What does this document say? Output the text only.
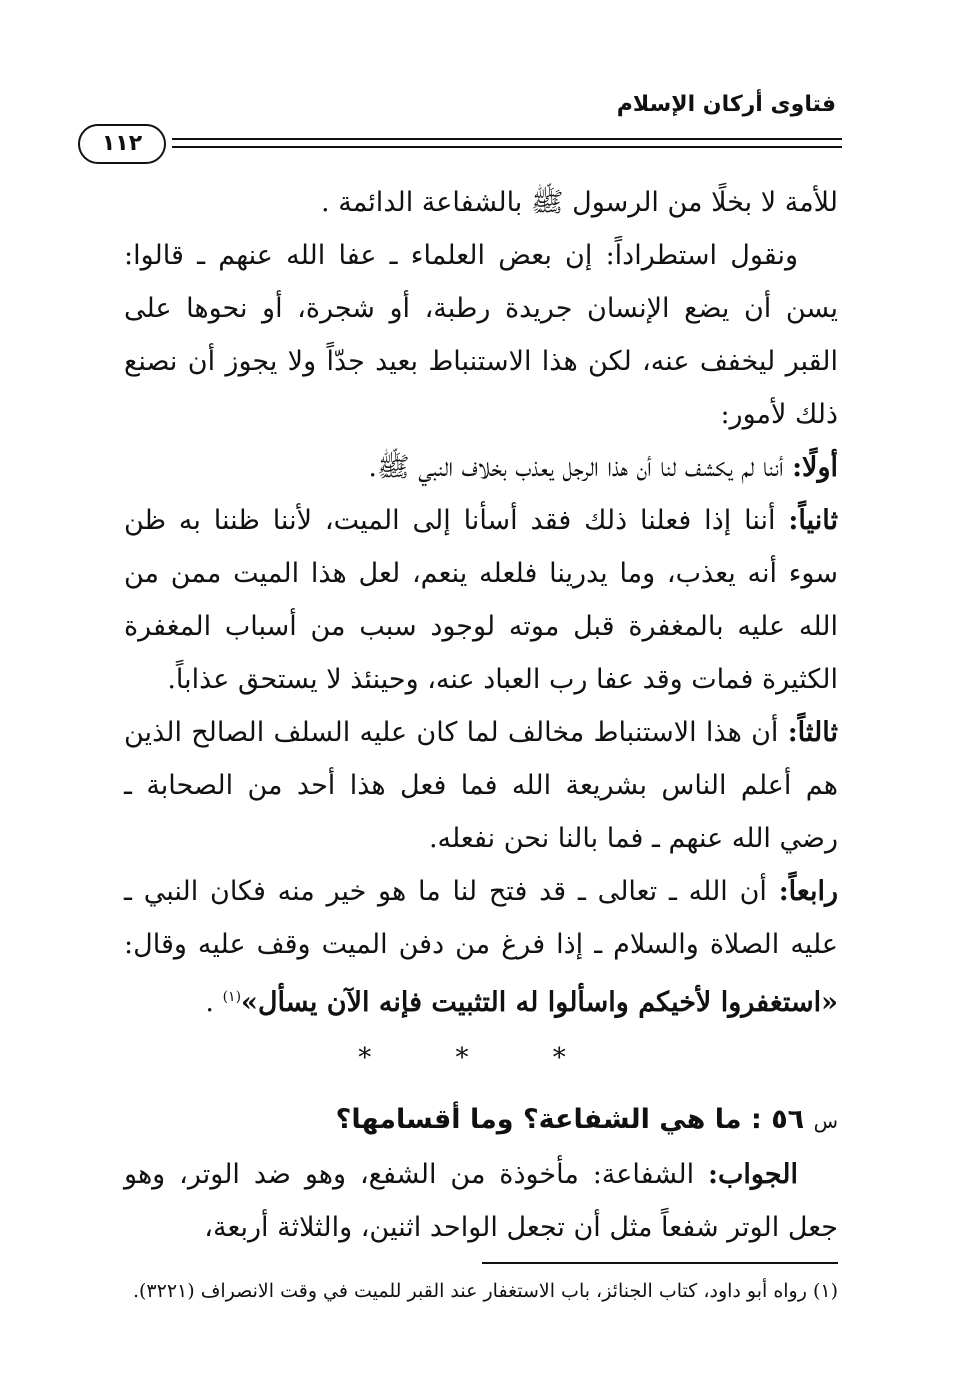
فتاوى أركان الإسلام
١١٢

للأمة لا بخلًا من الرسول ﷺ بالشفاعة الدائمة .

ونقول استطراداً: إن بعض العلماء ـ عفا الله عنهم ـ قالوا: يسن أن يضع الإنسان جريدة رطبة، أو شجرة، أو نحوها على القبر ليخفف عنه، لكن هذا الاستنباط بعيد جدّاً ولا يجوز أن نصنع ذلك لأمور:

أولًا: أننا لم يكشف لنا أن هذا الرجل يعذب بخلاف النبي ﷺ.

ثانياً: أننا إذا فعلنا ذلك فقد أسأنا إلى الميت، لأننا ظننا به ظن سوء أنه يعذب، وما يدرينا فلعله ينعم، لعل هذا الميت ممن من الله عليه بالمغفرة قبل موته لوجود سبب من أسباب المغفرة الكثيرة فمات وقد عفا رب العباد عنه، وحينئذ لا يستحق عذاباً.

ثالثاً: أن هذا الاستنباط مخالف لما كان عليه السلف الصالح الذين هم أعلم الناس بشريعة الله فما فعل هذا أحد من الصحابة ـ رضي الله عنهم ـ فما بالنا نحن نفعله.

رابعاً: أن الله ـ تعالى ـ قد فتح لنا ما هو خير منه فكان النبي ـ عليه الصلاة والسلام ـ إذا فرغ من دفن الميت وقف عليه وقال: «استغفروا لأخيكم واسألوا له التثبيت فإنه الآن يسأل»$^{(١)}$ .

* * *

س ٥٦ : ما هي الشفاعة؟ وما أقسامها؟

الجواب: الشفاعة: مأخوذة من الشفع، وهو ضد الوتر، وهو جعل الوتر شفعاً مثل أن تجعل الواحد اثنين، والثلاثة أربعة،

(١) رواه أبو داود، كتاب الجنائز، باب الاستغفار عند القبر للميت في وقت الانصراف (٣٢٢١).
